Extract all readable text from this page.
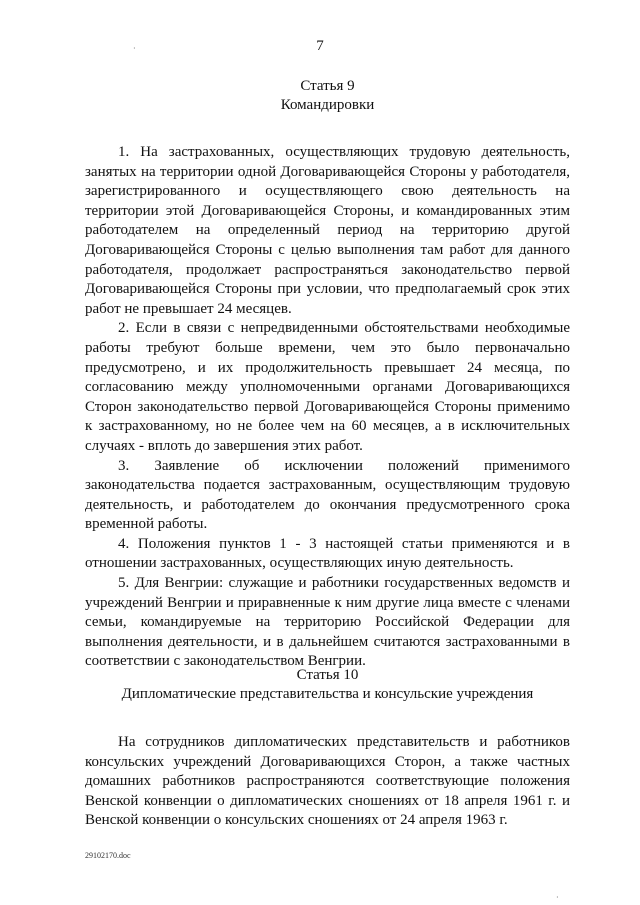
7
Статья 9
Командировки

1. На застрахованных, осуществляющих трудовую деятельность, занятых на территории одной Договаривающейся Стороны у работодателя, зарегистрированного и осуществляющего свою деятельность на территории этой Договаривающейся Стороны, и командированных этим работодателем на определенный период на территорию другой Договаривающейся Стороны с целью выполнения там работ для данного работодателя, продолжает распространяться законодательство первой Договаривающейся Стороны при условии, что предполагаемый срок этих работ не превышает 24 месяцев.

2. Если в связи с непредвиденными обстоятельствами необходимые работы требуют больше времени, чем это было первоначально предусмотрено, и их продолжительность превышает 24 месяца, по согласованию между уполномоченными органами Договаривающихся Сторон законодательство первой Договаривающейся Стороны применимо к застрахованному, но не более чем на 60 месяцев, а в исключительных случаях - вплоть до завершения этих работ.

3. Заявление об исключении положений применимого законодательства подается застрахованным, осуществляющим трудовую деятельность, и работодателем до окончания предусмотренного срока временной работы.

4. Положения пунктов 1 - 3 настоящей статьи применяются и в отношении застрахованных, осуществляющих иную деятельность.

5. Для Венгрии: служащие и работники государственных ведомств и учреждений Венгрии и приравненные к ним другие лица вместе с членами семьи, командируемые на территорию Российской Федерации для выполнения деятельности, и в дальнейшем считаются застрахованными в соответствии с законодательством Венгрии.

Статья 10
Дипломатические представительства и консульские учреждения

На сотрудников дипломатических представительств и работников консульских учреждений Договаривающихся Сторон, а также частных домашних работников распространяются соответствующие положения Венской конвенции о дипломатических сношениях от 18 апреля 1961 г. и Венской конвенции о консульских сношениях от 24 апреля 1963 г.

29102170.doc
·
·
